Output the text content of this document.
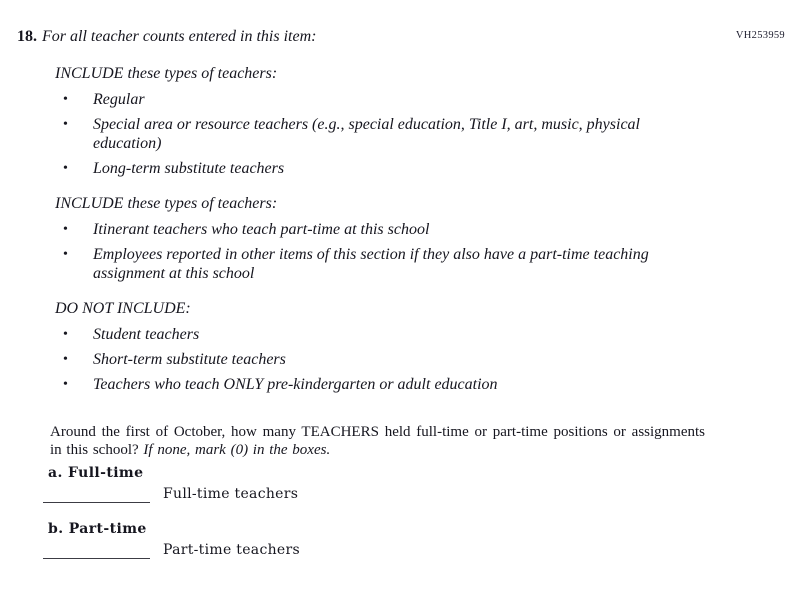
VH253959
18. For all teacher counts entered in this item:
INCLUDE these types of teachers:
•	Regular
•	Special area or resource teachers (e.g., special education, Title I, art, music, physical education)
•	Long-term substitute teachers
INCLUDE these types of teachers:
•	Itinerant teachers who teach part-time at this school
•	Employees reported in other items of this section if they also have a part-time teaching assignment at this school
DO NOT INCLUDE:
•	Student teachers
•	Short-term substitute teachers
•	Teachers who teach ONLY pre-kindergarten or adult education

Around the first of October, how many TEACHERS held full-time or part-time positions or assignments in this school? If none, mark (0) in the boxes.

a. Full-time
Full-time teachers
b. Part-time
Part-time teachers
